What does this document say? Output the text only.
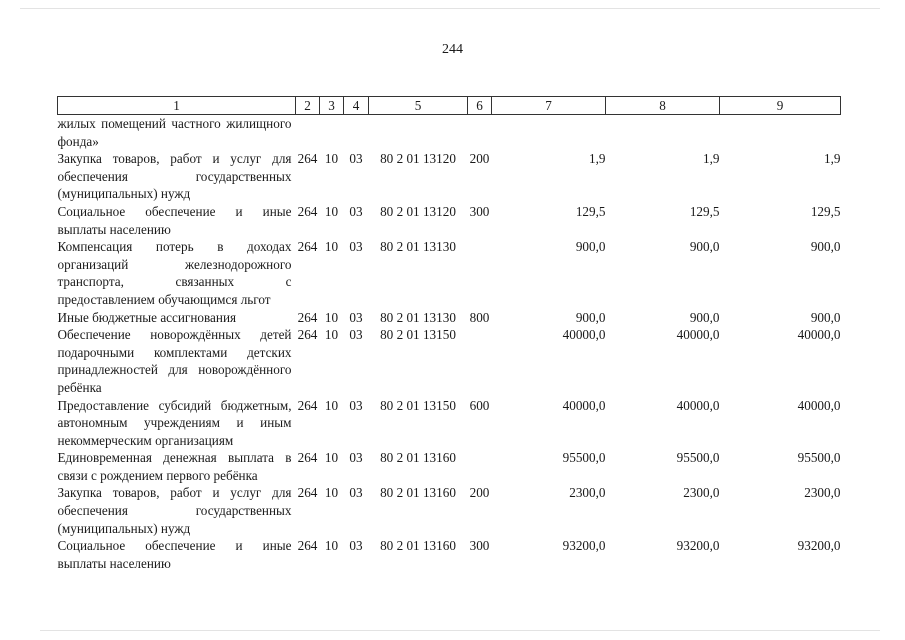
244
1	2	3	4	5	6	7	8	9
жилых помещений частного жилищного фонда»								
Закупка товаров, работ и услуг для обеспечения государственных (муниципальных) нужд	264	10	03	80 2 01 13120	200	1,9	1,9	1,9
Социальное обеспечение и иные выплаты населению	264	10	03	80 2 01 13120	300	129,5	129,5	129,5
Компенсация потерь в доходах организаций железнодорожного транспорта, связанных с предоставлением обучающимся льгот	264	10	03	80 2 01 13130		900,0	900,0	900,0
Иные бюджетные ассигнования	264	10	03	80 2 01 13130	800	900,0	900,0	900,0
Обеспечение новорождённых детей подарочными комплектами детских принадлежностей для новорождённого ребёнка	264	10	03	80 2 01 13150		40000,0	40000,0	40000,0
Предоставление субсидий бюджетным, автономным учреждениям и иным некоммерческим организациям	264	10	03	80 2 01 13150	600	40000,0	40000,0	40000,0
Единовременная денежная выплата в связи с рождением первого ребёнка	264	10	03	80 2 01 13160		95500,0	95500,0	95500,0
Закупка товаров, работ и услуг для обеспечения государственных (муниципальных) нужд	264	10	03	80 2 01 13160	200	2300,0	2300,0	2300,0
Социальное обеспечение и иные выплаты населению	264	10	03	80 2 01 13160	300	93200,0	93200,0	93200,0
